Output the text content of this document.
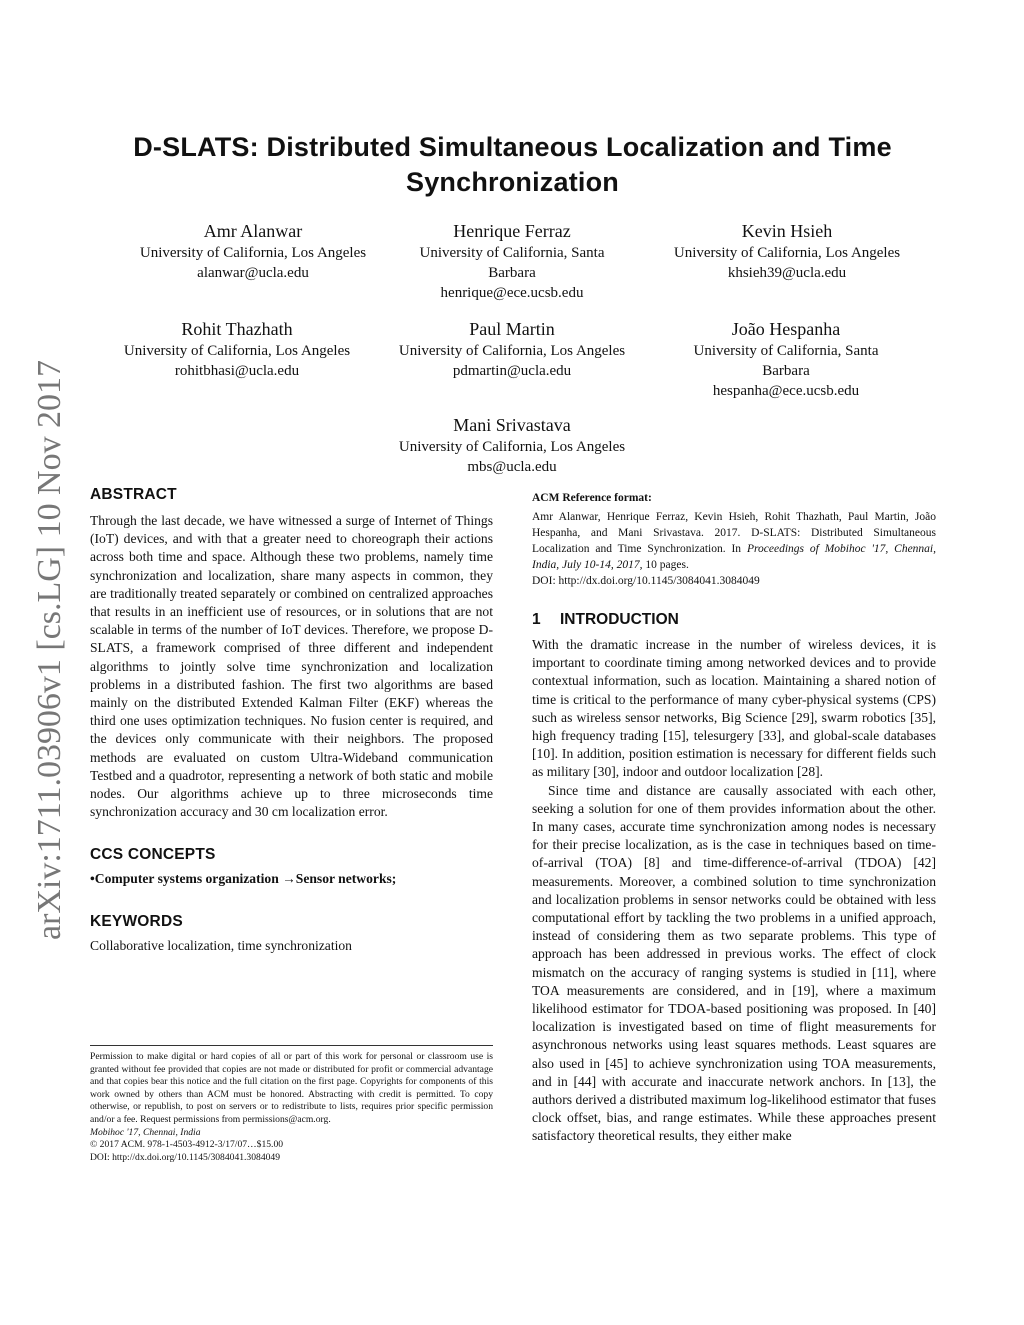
arXiv:1711.03906v1 [cs.LG] 10 Nov 2017
D-SLATS: Distributed Simultaneous Localization and Time
Synchronization
Amr Alanwar
University of California, Los Angeles
alanwar@ucla.edu
Henrique Ferraz
University of California, Santa
Barbara
henrique@ece.ucsb.edu
Kevin Hsieh
University of California, Los Angeles
khsieh39@ucla.edu
Rohit Thazhath
University of California, Los Angeles
rohitbhasi@ucla.edu
Paul Martin
University of California, Los Angeles
pdmartin@ucla.edu
João Hespanha
University of California, Santa
Barbara
hespanha@ece.ucsb.edu
Mani Srivastava
University of California, Los Angeles
mbs@ucla.edu
ABSTRACT

Through the last decade, we have witnessed a surge of Internet of Things (IoT) devices, and with that a greater need to choreograph their actions across both time and space. Although these two problems, namely time synchronization and localization, share many aspects in common, they are traditionally treated separately or combined on centralized approaches that results in an inefficient use of resources, or in solutions that are not scalable in terms of the number of IoT devices. Therefore, we propose D-SLATS, a framework comprised of three different and independent algorithms to jointly solve time synchronization and localization problems in a distributed fashion. The first two algorithms are based mainly on the distributed Extended Kalman Filter (EKF) whereas the third one uses optimization techniques. No fusion center is required, and the devices only communicate with their neighbors. The proposed methods are evaluated on custom Ultra-Wideband communication Testbed and a quadrotor, representing a network of both static and mobile nodes. Our algorithms achieve up to three microseconds time synchronization accuracy and 30 cm localization error.

CCS CONCEPTS
•Computer systems organization →Sensor networks;
KEYWORDS

Collaborative localization, time synchronization

Permission to make digital or hard copies of all or part of this work for personal or classroom use is granted without fee provided that copies are not made or distributed for profit or commercial advantage and that copies bear this notice and the full citation on the first page. Copyrights for components of this work owned by others than ACM must be honored. Abstracting with credit is permitted. To copy otherwise, or republish, to post on servers or to redistribute to lists, requires prior specific permission and/or a fee. Request permissions from permissions@acm.org.

Mobihoc '17, Chennai, India

© 2017 ACM. 978-1-4503-4912-3/17/07…$15.00

DOI: http://dx.doi.org/10.1145/3084041.3084049

ACM Reference format:

Amr Alanwar, Henrique Ferraz, Kevin Hsieh, Rohit Thazhath, Paul Martin, João Hespanha, and Mani Srivastava. 2017. D-SLATS: Distributed Simultaneous Localization and Time Synchronization. In Proceedings of Mobihoc '17, Chennai, India, July 10-14, 2017, 10 pages.

DOI: http://dx.doi.org/10.1145/3084041.3084049

1 INTRODUCTION

With the dramatic increase in the number of wireless devices, it is important to coordinate timing among networked devices and to provide contextual information, such as location. Maintaining a shared notion of time is critical to the performance of many cyber-physical systems (CPS) such as wireless sensor networks, Big Science [29], swarm robotics [35], high frequency trading [15], telesurgery [33], and global-scale databases [10]. In addition, position estimation is necessary for different fields such as military [30], indoor and outdoor localization [28].

Since time and distance are causally associated with each other, seeking a solution for one of them provides information about the other. In many cases, accurate time synchronization among nodes is necessary for their precise localization, as is the case in techniques based on time-of-arrival (TOA) [8] and time-difference-of-arrival (TDOA) [42] measurements. Moreover, a combined solution to time synchronization and localization problems in sensor networks could be obtained with less computational effort by tackling the two problems in a unified approach, instead of considering them as two separate problems. This type of approach has been addressed in previous works. The effect of clock mismatch on the accuracy of ranging systems is studied in [11], where TOA measurements are considered, and in [19], where a maximum likelihood estimator for TDOA-based positioning was proposed. In [40] localization is investigated based on time of flight measurements for asynchronous networks using least squares methods. Least squares are also used in [45] to achieve synchronization using TOA measurements, and in [44] with accurate and inaccurate network anchors. In [13], the authors derived a distributed maximum log-likelihood estimator that fuses clock offset, bias, and range estimates. While these approaches present satisfactory theoretical results, they either make
